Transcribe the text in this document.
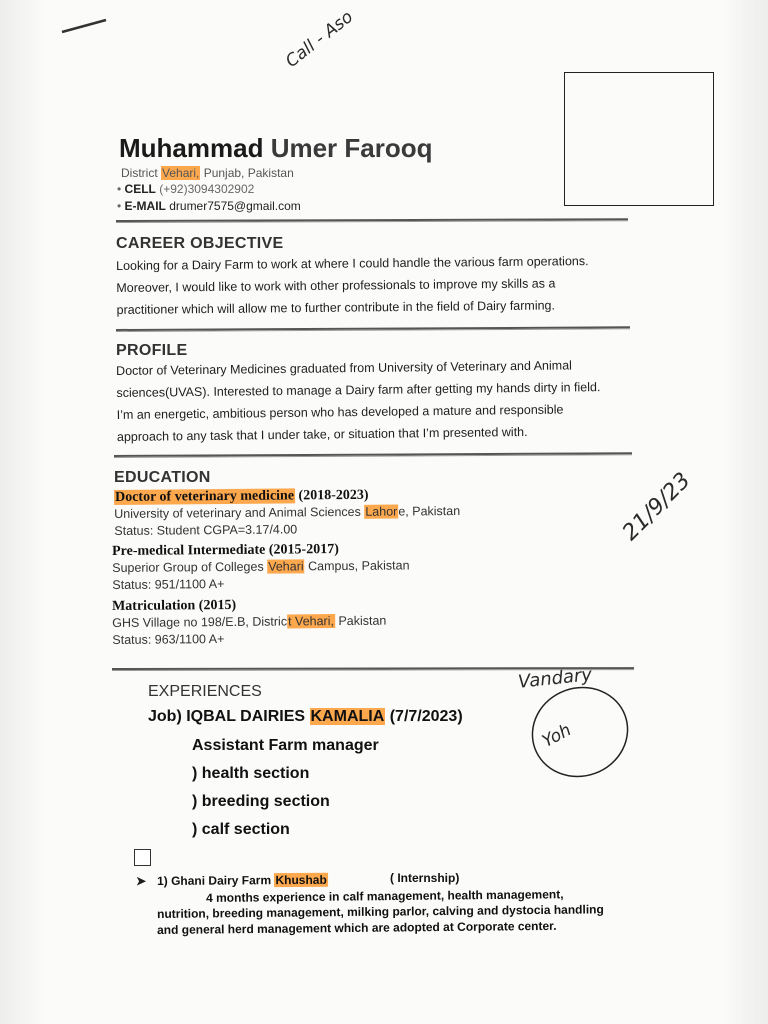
Call - Aso
Muhammad Umer Farooq
District Vehari, Punjab, Pakistan
• CELL (+92)3094302902
• E-MAIL drumer7575@gmail.com
CAREER OBJECTIVE
Looking for a Dairy Farm to work at where I could handle the various farm operations.
Moreover, I would like to work with other professionals to improve my skills as a
practitioner which will allow me to further contribute in the field of Dairy farming.
PROFILE
Doctor of Veterinary Medicines graduated from University of Veterinary and Animal
sciences(UVAS). Interested to manage a Dairy farm after getting my hands dirty in field.
I’m an energetic, ambitious person who has developed a mature and responsible
approach to any task that I under take, or situation that I’m presented with.
EDUCATION
Doctor of veterinary medicine (2018-2023)
University of veterinary and Animal Sciences Lahore, Pakistan
Status: Student CGPA=3.17/4.00
Pre-medical Intermediate (2015-2017)
Superior Group of Colleges Vehari Campus, Pakistan
Status: 951/1100 A+
Matriculation (2015)
GHS Village no 198/E.B, District Vehari, Pakistan
Status: 963/1100 A+
21/9/23
EXPERIENCES
Job) IQBAL DAIRIES KAMALIA (7/7/2023)
Assistant Farm manager
) health section
) breeding section
) calf section
Vandary
Yoh
➤ 1) Ghani Dairy Farm Khushab	( Internship)
4 months experience in calf management, health management,
nutrition, breeding management, milking parlor, calving and dystocia handling
and general herd management which are adopted at Corporate center.
